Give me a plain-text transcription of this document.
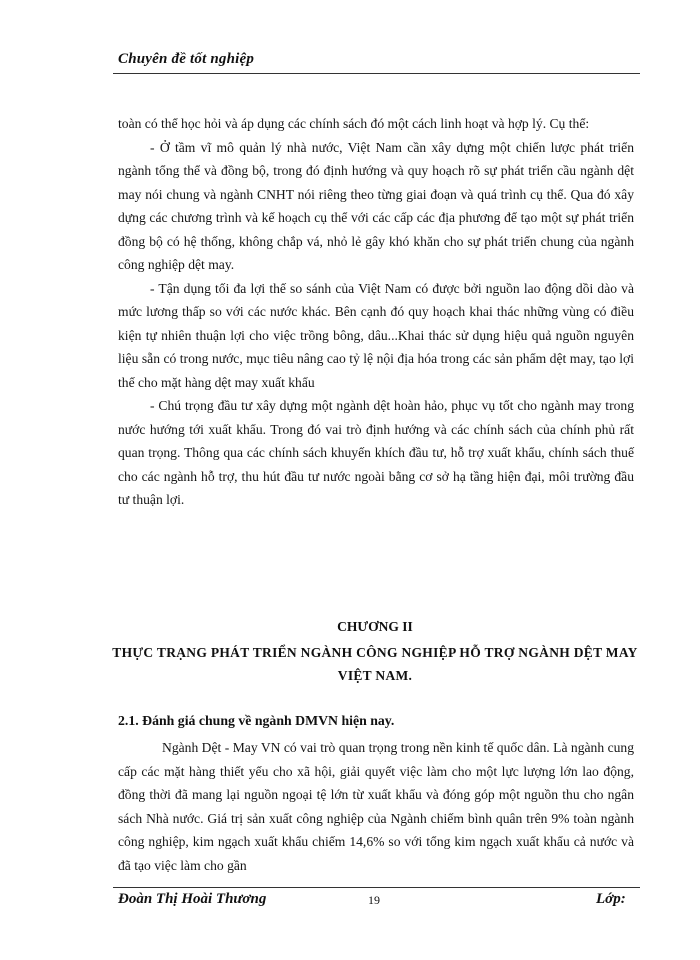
Chuyên đề tốt nghiệp

toàn có thể học hỏi và áp dụng các chính sách đó một cách linh hoạt và hợp lý. Cụ thể:

- Ở tầm vĩ mô quản lý nhà nước, Việt Nam cần xây dựng một chiến lược phát triển ngành tổng thể và đồng bộ, trong đó định hướng và quy hoạch rõ sự phát triển cầu ngành dệt may nói chung và ngành CNHT nói riêng theo từng giai đoạn và quá trình cụ thể. Qua đó xây dựng các chương trình và kế hoạch cụ thể với các cấp các địa phương để tạo một sự phát triển đồng bộ có hệ thống, không chắp vá, nhỏ lẻ gây khó khăn cho sự phát triển chung của ngành công nghiệp dệt may.

- Tận dụng tối đa lợi thế so sánh của Việt Nam có được bởi nguồn lao động dồi dào và mức lương thấp so với các nước khác. Bên cạnh đó quy hoạch khai thác những vùng có điều kiện tự nhiên thuận lợi cho việc trồng bông, dâu...Khai thác sử dụng hiệu quả nguồn nguyên liệu sẵn có trong nước, mục tiêu nâng cao tỷ lệ nội địa hóa trong các sản phẩm dệt may, tạo lợi thế cho mặt hàng dệt may xuất khẩu

- Chú trọng đầu tư xây dựng một ngành dệt hoàn hảo, phục vụ tốt cho ngành may trong nước hướng tới xuất khẩu. Trong đó vai trò định hướng và các chính sách của chính phủ rất quan trọng. Thông qua các chính sách khuyến khích đầu tư, hỗ trợ xuất khẩu, chính sách thuế cho các ngành hỗ trợ, thu hút đầu tư nước ngoài bằng cơ sở hạ tầng hiện đại, môi trường đầu tư thuận lợi.

CHƯƠNG II
THỰC TRẠNG PHÁT TRIỂN NGÀNH CÔNG NGHIỆP HỖ TRỢ NGÀNH DỆT MAY VIỆT NAM.
2.1. Đánh giá chung về ngành DMVN hiện nay.

Ngành Dệt - May VN có vai trò quan trọng trong nền kinh tế quốc dân. Là ngành cung cấp các mặt hàng thiết yếu cho xã hội, giải quyết việc làm cho một lực lượng lớn lao động, đồng thời đã mang lại nguồn ngoại tệ lớn từ xuất khẩu và đóng góp một nguồn thu cho ngân sách Nhà nước. Giá trị sản xuất công nghiệp của Ngành chiếm bình quân trên 9% toàn ngành công nghiệp, kim ngạch xuất khẩu chiếm 14,6% so với tổng kim ngạch xuất khẩu cả nước và đã tạo việc làm cho gần

Đoàn Thị Hoài Thương	19	Lớp:
